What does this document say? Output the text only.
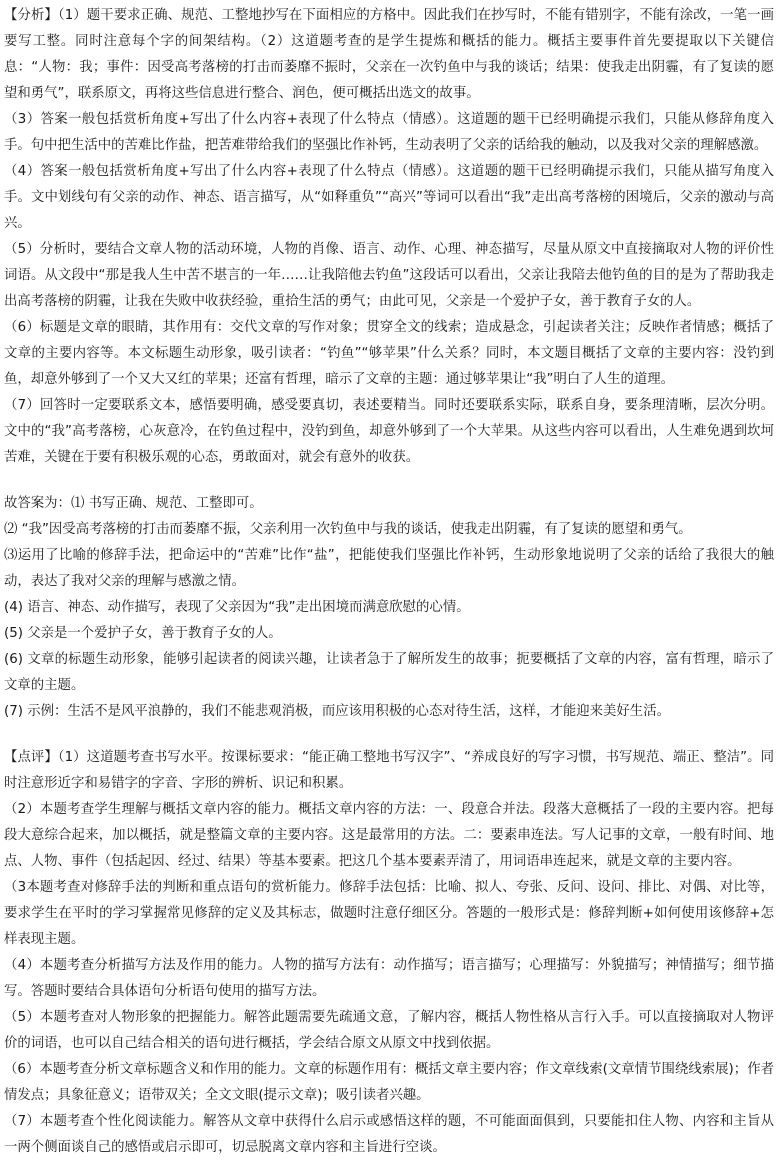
【分析】（1）题干要求正确、规范、工整地抄写在下面相应的方格中。因此我们在抄写时，不能有错别字，不能有涂改，一笔一画要写工整。同时注意每个字的间架结构。（2）这道题考查的是学生提炼和概括的能力。概括主要事件首先要提取以下关键信息：“人物：我；事件：因受高考落榜的打击而萎靡不振时，父亲在一次钓鱼中与我的谈话；结果：使我走出阴霾，有了复读的愿望和勇气”，联系原文，再将这些信息进行整合、润色，便可概括出选文的故事。

（3）答案一般包括赏析角度+写出了什么内容+表现了什么特点（情感）。这道题的题干已经明确提示我们，只能从修辞角度入手。句中把生活中的苦难比作盐，把苦难带给我们的坚强比作补钙，生动表明了父亲的话给我的触动，以及我对父亲的理解感激。

（4）答案一般包括赏析角度+写出了什么内容+表现了什么特点（情感）。这道题的题干已经明确提示我们，只能从描写角度入手。文中划线句有父亲的动作、神态、语言描写，从“如释重负”“高兴”等词可以看出“我”走出高考落榜的困境后，父亲的激动与高兴。

（5）分析时，要结合文章人物的活动环境，人物的肖像、语言、动作、心理、神态描写，尽量从原文中直接摘取对人物的评价性词语。从文段中“那是我人生中苦不堪言的一年……让我陪他去钓鱼”这段话可以看出，父亲让我陪去他钓鱼的目的是为了帮助我走出高考落榜的阴霾，让我在失败中收获经验，重拾生活的勇气；由此可见，父亲是一个爱护子女，善于教育子女的人。

（6）标题是文章的眼睛，其作用有：交代文章的写作对象；贯穿全文的线索；造成悬念，引起读者关注；反映作者情感；概括了文章的主要内容等。本文标题生动形象，吸引读者：“钓鱼”“够苹果”什么关系？同时，本文题目概括了文章的主要内容：没钓到鱼，却意外够到了一个又大又红的苹果；还富有哲理，暗示了文章的主题：通过够苹果让“我”明白了人生的道理。

（7）回答时一定要联系文本，感悟要明确，感受要真切，表述要精当。同时还要联系实际，联系自身，要条理清晰，层次分明。文中的“我”高考落榜，心灰意冷，在钓鱼过程中，没钓到鱼，却意外够到了一个大苹果。从这些内容可以看出，人生难免遇到坎坷苦难，关键在于要有积极乐观的心态，勇敢面对，就会有意外的收获。

故答案为：⑴ 书写正确、规范、工整即可。

⑵ “我”因受高考落榜的打击而萎靡不振，父亲利用一次钓鱼中与我的谈话，使我走出阴霾，有了复读的愿望和勇气。

⑶运用了比喻的修辞手法，把命运中的“苦难”比作“盐”，把能使我们坚强比作补钙，生动形象地说明了父亲的话给了我很大的触动，表达了我对父亲的理解与感激之情。

(4) 语言、神态、动作描写，表现了父亲因为“我”走出困境而满意欣慰的心情。

(5) 父亲是一个爱护子女，善于教育子女的人。

(6) 文章的标题生动形象，能够引起读者的阅读兴趣，让读者急于了解所发生的故事；扼要概括了文章的内容，富有哲理，暗示了文章的主题。

(7) 示例：生活不是风平浪静的，我们不能悲观消极，而应该用积极的心态对待生活，这样，才能迎来美好生活。

【点评】（1）这道题考查书写水平。按课标要求：“能正确工整地书写汉字”、“养成良好的写字习惯，书写规范、端正、整洁”。同时注意形近字和易错字的字音、字形的辨析、识记和积累。

（2）本题考查学生理解与概括文章内容的能力。概括文章内容的方法：一、段意合并法。段落大意概括了一段的主要内容。把每段大意综合起来，加以概括，就是整篇文章的主要内容。这是最常用的方法。二：要素串连法。写人记事的文章，一般有时间、地点、人物、事件（包括起因、经过、结果）等基本要素。把这几个基本要素弄清了，用词语串连起来，就是文章的主要内容。

（3本题考查对修辞手法的判断和重点语句的赏析能力。修辞手法包括：比喻、拟人、夸张、反问、设问、排比、对偶、对比等，要求学生在平时的学习掌握常见修辞的定义及其标志，做题时注意仔细区分。答题的一般形式是：修辞判断+如何使用该修辞+怎样表现主题。

（4）本题考查分析描写方法及作用的能力。人物的描写方法有：动作描写；语言描写；心理描写：外貌描写；神情描写；细节描写。答题时要结合具体语句分析语句使用的描写方法。

（5）本题考查对人物形象的把握能力。解答此题需要先疏通文意，了解内容，概括人物性格从言行入手。可以直接摘取对人物评价的词语，也可以自己结合相关的语句进行概括，学会结合原文从原文中找到依据。

（6）本题考查分析文章标题含义和作用的能力。文章的标题作用有：概括文章主要内容；作文章线索(文章情节围绕线索展)；作者情发点；具象征意义；语带双关；全文文眼(提示文章)；吸引读者兴趣。

（7）本题考查个性化阅读能力。解答从文章中获得什么启示或感悟这样的题，不可能面面俱到，只要能扣住人物、内容和主旨从一两个侧面谈自己的感悟或启示即可，切忌脱离文章内容和主旨进行空谈。
